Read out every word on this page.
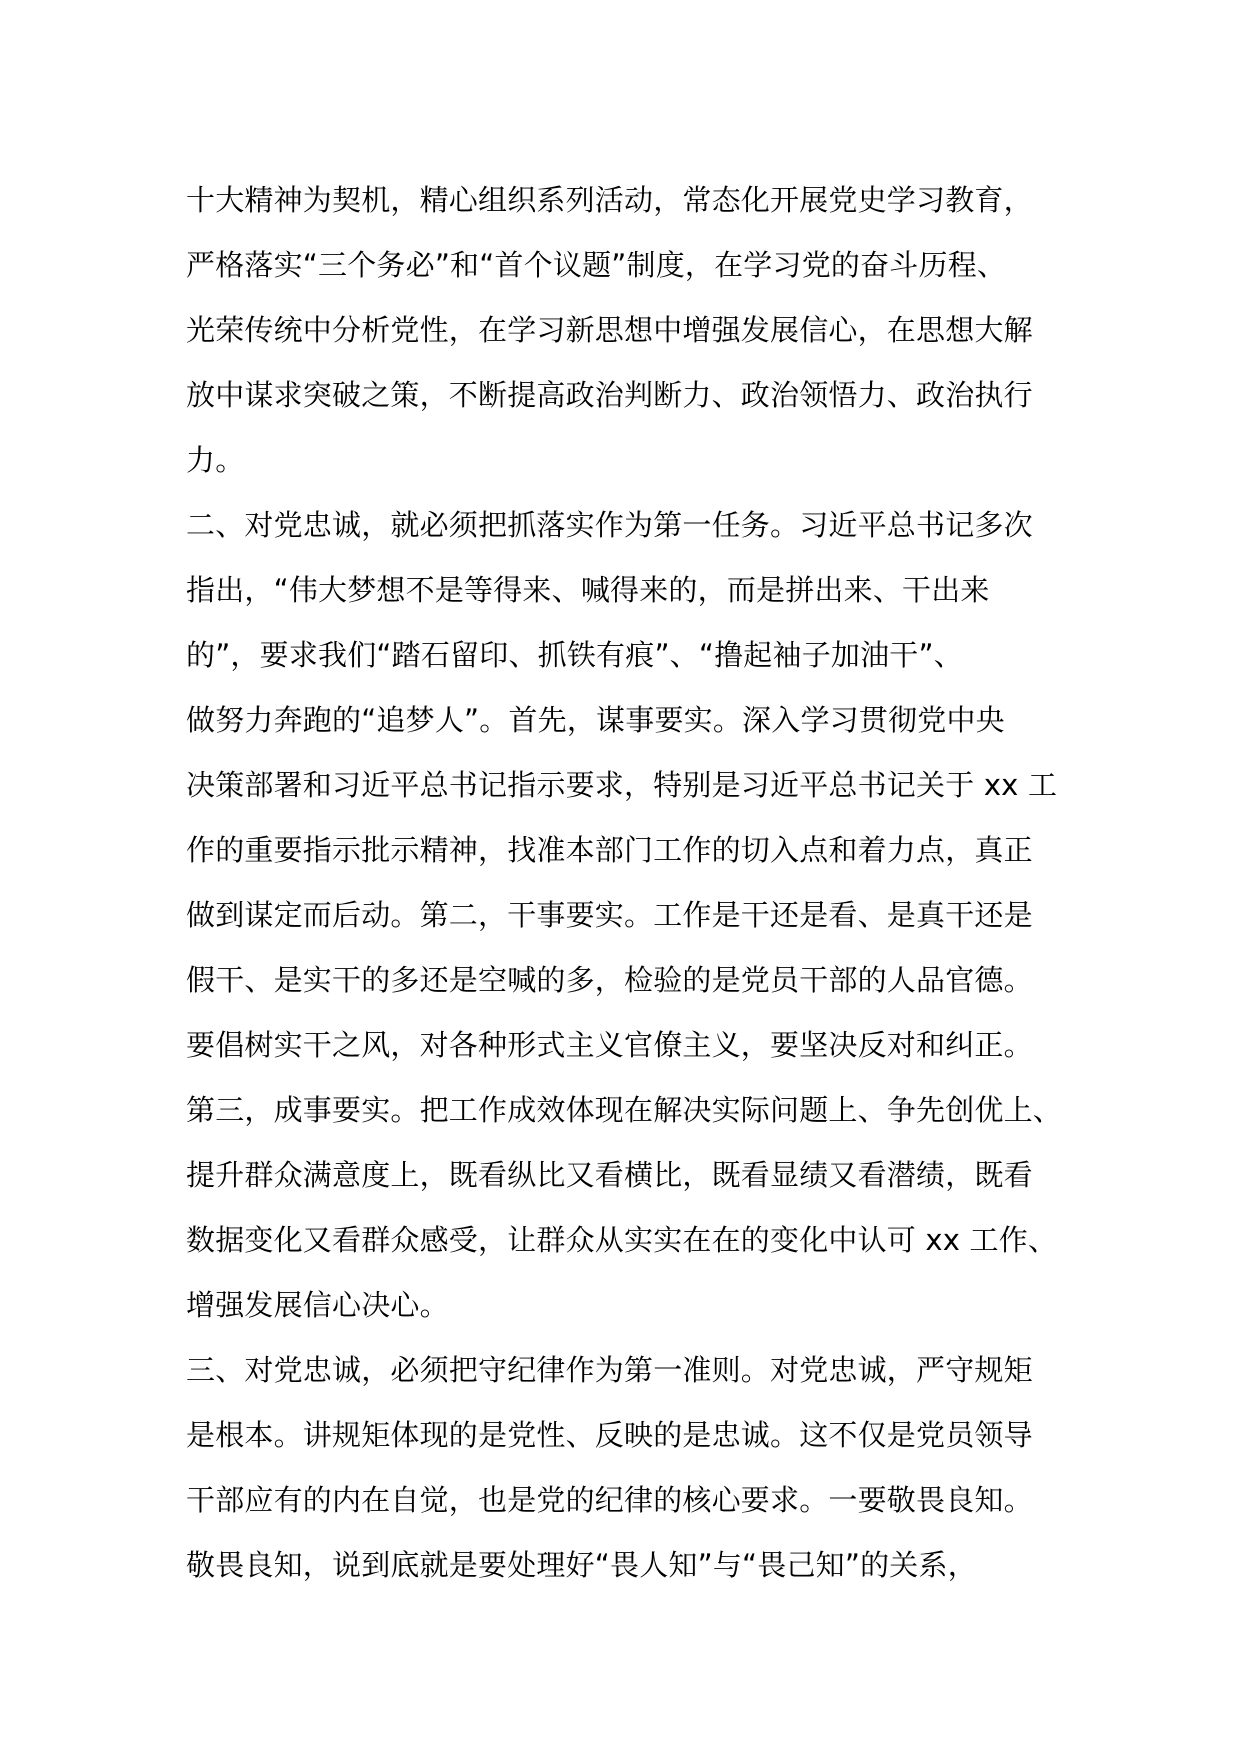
十大精神为契机，精心组织系列活动，常态化开展党史学习教育，
严格落实“三个务必”和“首个议题”制度，在学习党的奋斗历程、
光荣传统中分析党性，在学习新思想中增强发展信心，在思想大解
放中谋求突破之策，不断提高政治判断力、政治领悟力、政治执行
力。
二、对党忠诚，就必须把抓落实作为第一任务。习近平总书记多次
指出，“伟大梦想不是等得来、喊得来的，而是拼出来、干出来
的”，要求我们“踏石留印、抓铁有痕”、“撸起袖子加油干”、
做努力奔跑的“追梦人”。首先，谋事要实。深入学习贯彻党中央
决策部署和习近平总书记指示要求，特别是习近平总书记关于 xx 工
作的重要指示批示精神，找准本部门工作的切入点和着力点，真正
做到谋定而后动。第二，干事要实。工作是干还是看、是真干还是
假干、是实干的多还是空喊的多，检验的是党员干部的人品官德。
要倡树实干之风，对各种形式主义官僚主义，要坚决反对和纠正。
第三，成事要实。把工作成效体现在解决实际问题上、争先创优上、
提升群众满意度上，既看纵比又看横比，既看显绩又看潜绩，既看
数据变化又看群众感受，让群众从实实在在的变化中认可 xx 工作、
增强发展信心决心。
三、对党忠诚，必须把守纪律作为第一准则。对党忠诚，严守规矩
是根本。讲规矩体现的是党性、反映的是忠诚。这不仅是党员领导
干部应有的内在自觉，也是党的纪律的核心要求。一要敬畏良知。
敬畏良知，说到底就是要处理好“畏人知”与“畏己知”的关系，
